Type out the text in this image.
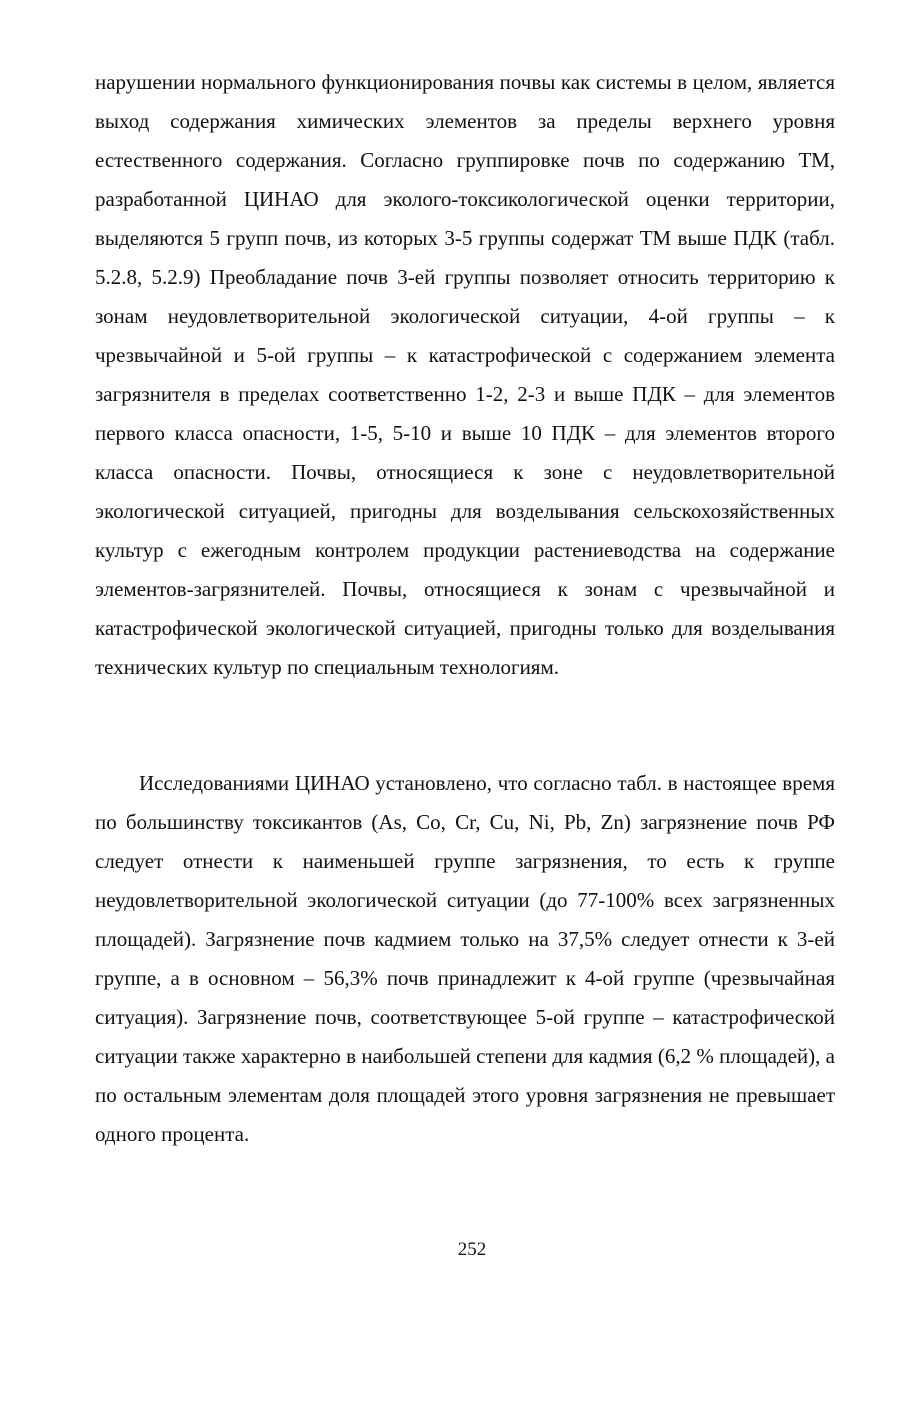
нарушении нормального функционирования почвы как системы в целом, является выход содержания химических элементов за пределы верхнего уровня естественного содержания. Согласно группировке почв по содержанию ТМ, разработанной ЦИНАО для эколого-токсикологической оценки территории, выделяются 5 групп почв, из которых 3-5 группы содержат ТМ выше ПДК (табл. 5.2.8, 5.2.9) Преобладание почв 3-ей группы позволяет относить территорию к зонам неудовлетворительной экологической ситуации, 4-ой группы – к чрезвычайной и 5-ой группы – к катастрофической с содержанием элемента загрязнителя в пределах соответственно 1-2, 2-3 и выше ПДК – для элементов первого класса опасности, 1-5, 5-10 и выше 10 ПДК – для элементов второго класса опасности. Почвы, относящиеся к зоне с неудовлетворительной экологической ситуацией, пригодны для возделывания сельскохозяйственных культур с ежегодным контролем продукции растениеводства на содержание элементов-загрязнителей. Почвы, относящиеся к зонам с чрезвычайной и катастрофической экологической ситуацией, пригодны только для возделывания технических культур по специальным технологиям.

Исследованиями ЦИНАО установлено, что согласно табл. в настоящее время по большинству токсикантов (As, Co, Cr, Cu, Ni, Pb, Zn) загрязнение почв РФ следует отнести к наименьшей группе загрязнения, то есть к группе неудовлетворительной экологической ситуации (до 77-100% всех загрязненных площадей). Загрязнение почв кадмием только на 37,5% следует отнести к 3-ей группе, а в основном – 56,3% почв принадлежит к 4-ой группе (чрезвычайная ситуация). Загрязнение почв, соответствующее 5-ой группе – катастрофической ситуации также характерно в наибольшей степени для кадмия (6,2 % площадей), а по остальным элементам доля площадей этого уровня загрязнения не превышает одного процента.

252
